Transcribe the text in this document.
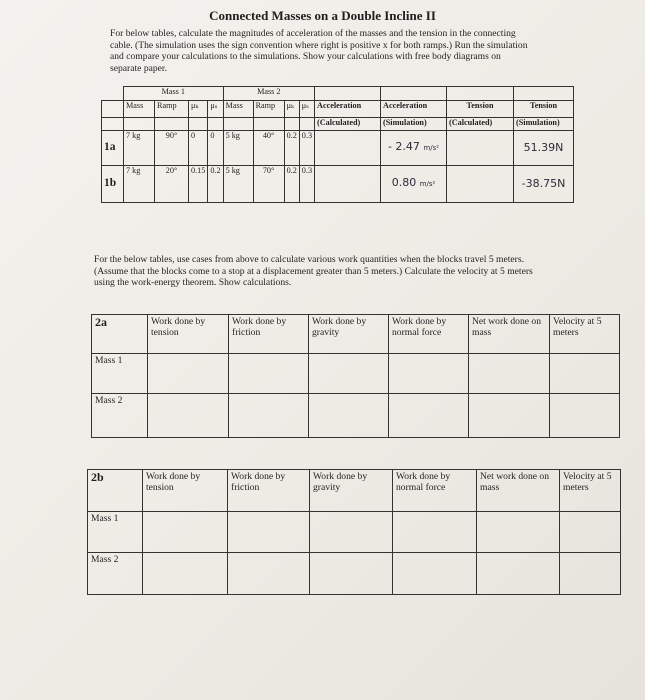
Connected Masses on a Double Incline II
For below tables, calculate the magnitudes of acceleration of the masses and the tension in the connecting cable. (The simulation uses the sign convention where right is positive x for both ramps.) Run the simulation and compare your calculations to the simulations. Show your calculations with free body diagrams on separate paper.
	Mass 1				Mass 2							
	Mass	Ramp	μₖ	μₛ	Mass	Ramp	μₖ	μₛ	Acceleration	Acceleration	Tension	Tension
									(Calculated)	(Simulation)	(Calculated)	(Simulation)
1a	7 kg	90°	0	0	5 kg	40°	0.2	0.3		- 2.47 m/s²		51.39N
1b	7 kg	20°	0.15	0.2	5 kg	70°	0.2	0.3		0.80 m/s²		-38.75N
For the below tables, use cases from above to calculate various work quantities when the blocks travel 5 meters. (Assume that the blocks come to a stop at a displacement greater than 5 meters.) Calculate the velocity at 5 meters using the work-energy theorem. Show calculations.
2a	Work done by tension	Work done by friction	Work done by gravity	Work done by normal force	Net work done on mass	Velocity at 5 meters
Mass 1						
Mass 2						
2b	Work done by tension	Work done by friction	Work done by gravity	Work done by normal force	Net work done on mass	Velocity at 5 meters
Mass 1						
Mass 2						
